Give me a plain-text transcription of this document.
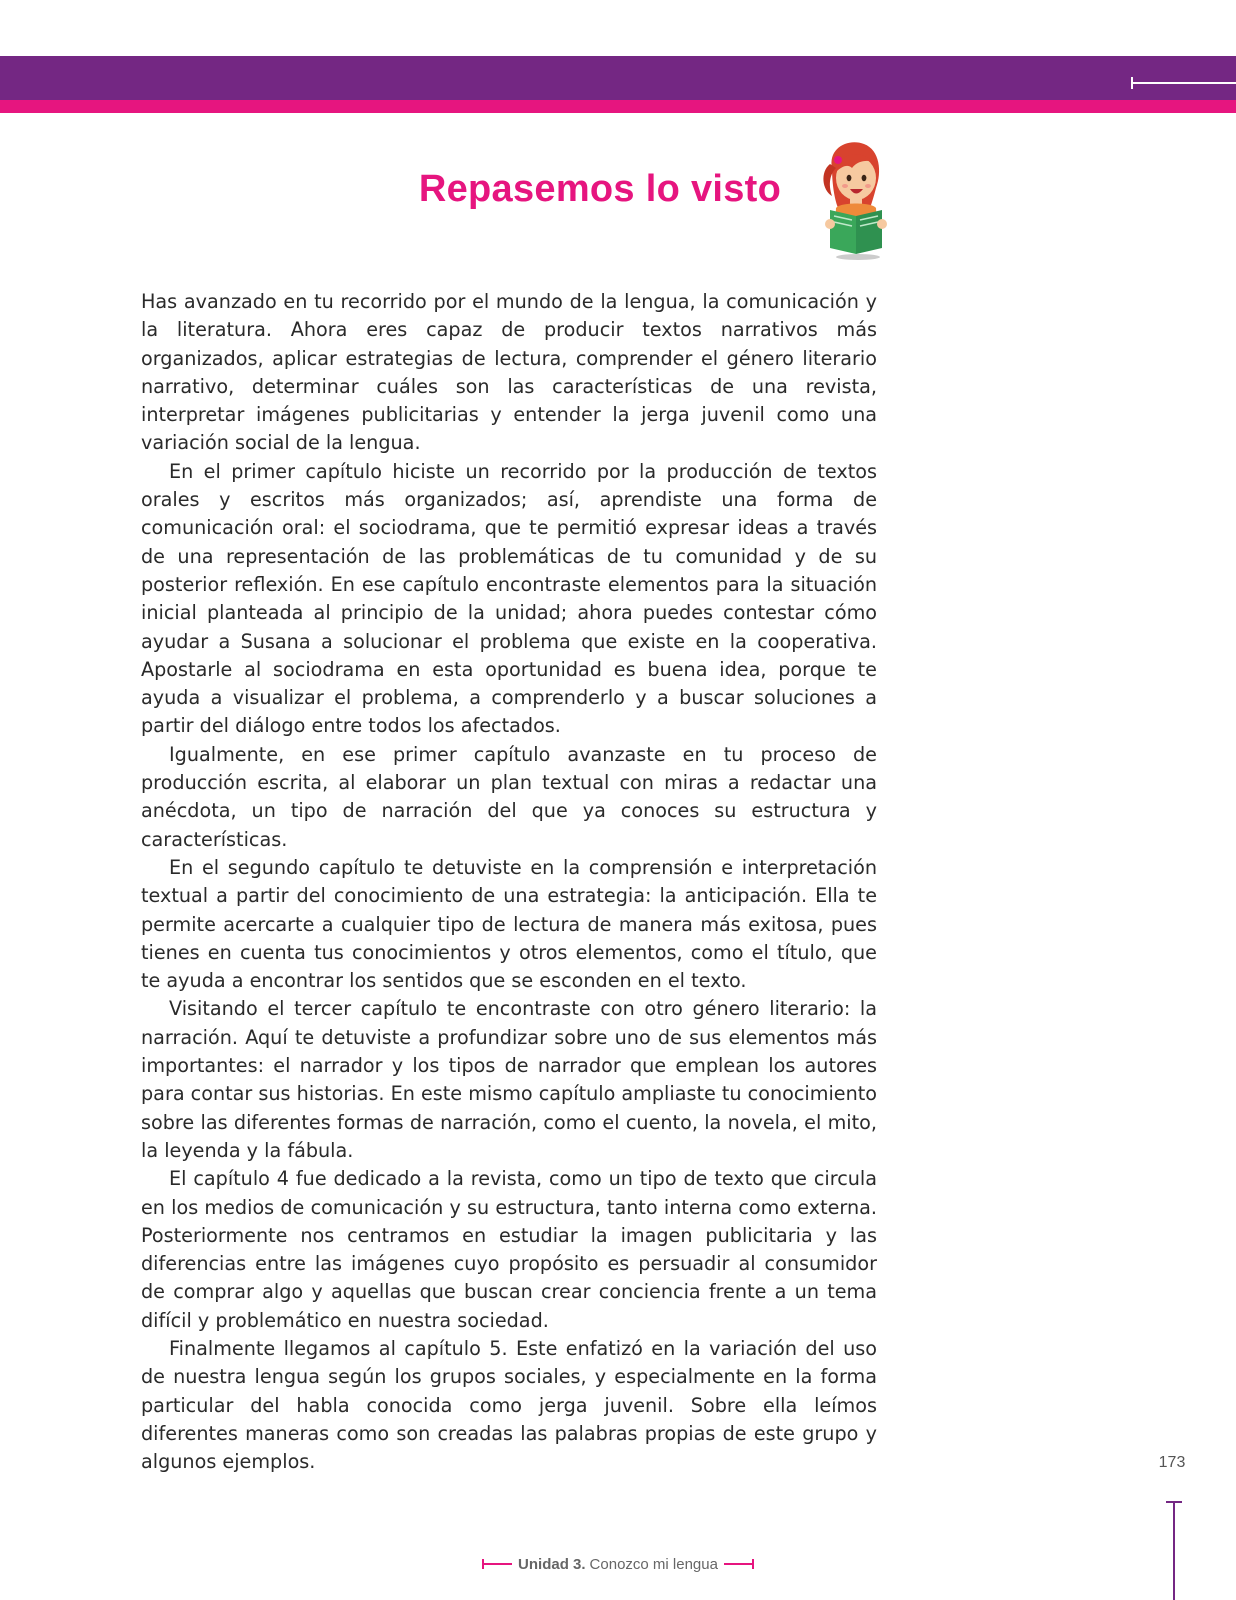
Repasemos lo visto

Has avanzado en tu recorrido por el mundo de la lengua, la comunicación y la literatura. Ahora eres capaz de producir textos narrativos más organizados, aplicar estrategias de lectura, comprender el género literario narrativo, determinar cuáles son las características de una revista, interpretar imágenes publicitarias y entender la jerga juvenil como una variación social de la lengua.

En el primer capítulo hiciste un recorrido por la producción de textos orales y escritos más organizados; así, aprendiste una forma de comunicación oral: el sociodrama, que te permitió expresar ideas a través de una representación de las problemáticas de tu comunidad y de su posterior reflexión. En ese capítulo encontraste elementos para la situación inicial planteada al principio de la unidad; ahora puedes contestar cómo ayudar a Susana a solucionar el problema que existe en la cooperativa. Apostarle al sociodrama en esta oportunidad es buena idea, porque te ayuda a visualizar el problema, a comprenderlo y a buscar soluciones a partir del diálogo entre todos los afectados.

Igualmente, en ese primer capítulo avanzaste en tu proceso de producción escrita, al elaborar un plan textual con miras a redactar una anécdota, un tipo de narración del que ya conoces su estructura y características.

En el segundo capítulo te detuviste en la comprensión e interpretación textual a partir del conocimiento de una estrategia: la anticipación. Ella te permite acercarte a cualquier tipo de lectura de manera más exitosa, pues tienes en cuenta tus conocimientos y otros elementos, como el título, que te ayuda a encontrar los sentidos que se esconden en el texto.

Visitando el tercer capítulo te encontraste con otro género literario: la narración. Aquí te detuviste a profundizar sobre uno de sus elementos más importantes: el narrador y los tipos de narrador que emplean los autores para contar sus historias. En este mismo capítulo ampliaste tu conocimiento sobre las diferentes formas de narración, como el cuento, la novela, el mito, la leyenda y la fábula.

El capítulo 4 fue dedicado a la revista, como un tipo de texto que circula en los medios de comunicación y su estructura, tanto interna como externa. Posteriormente nos centramos en estudiar la imagen publicitaria y las diferencias entre las imágenes cuyo propósito es persuadir al consumidor de comprar algo y aquellas que buscan crear conciencia frente a un tema difícil y problemático en nuestra sociedad.

Finalmente llegamos al capítulo 5. Este enfatizó en la variación del uso de nuestra lengua según los grupos sociales, y especialmente en la forma particular del habla conocida como jerga juvenil. Sobre ella leímos diferentes maneras como son creadas las palabras propias de este grupo y algunos ejemplos.	173
Unidad 3. Conozco mi lengua
